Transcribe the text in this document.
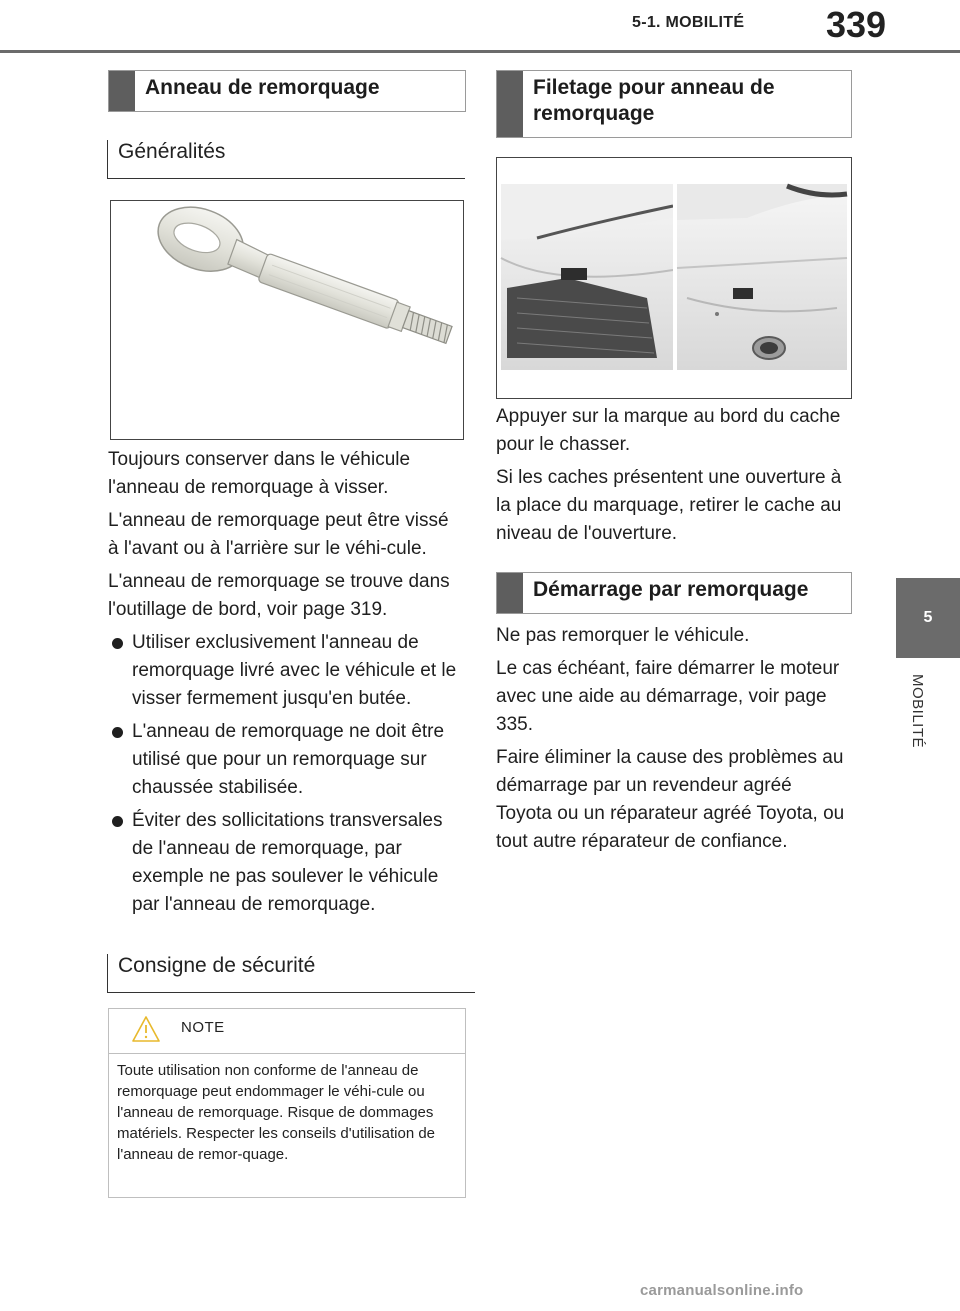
5-1. MOBILITÉ 339
5
MOBILITÉ
Anneau de remorquage
Généralités

Toujours conserver dans le véhicule l'anneau de remorquage à visser.

L'anneau de remorquage peut être vissé à l'avant ou à l'arrière sur le véhi-cule.

L'anneau de remorquage se trouve dans l'outillage de bord, voir page 319.

Utiliser exclusivement l'anneau de remorquage livré avec le véhicule et le visser fermement jusqu'en butée.
L'anneau de remorquage ne doit être utilisé que pour un remorquage sur chaussée stabilisée.
Éviter des sollicitations transversales de l'anneau de remorquage, par exemple ne pas soulever le véhicule par l'anneau de remorquage.
Consigne de sécurité
NOTE
Toute utilisation non conforme de l'anneau de remorquage peut endommager le véhi-cule ou l'anneau de remorquage. Risque de dommages matériels. Respecter les conseils d'utilisation de l'anneau de remor-quage.
Filetage pour anneau de remorquage

Appuyer sur la marque au bord du cache pour le chasser.

Si les caches présentent une ouverture à la place du marquage, retirer le cache au niveau de l'ouverture.

Démarrage par remorquage

Ne pas remorquer le véhicule.

Le cas échéant, faire démarrer le moteur avec une aide au démarrage, voir page 335.

Faire éliminer la cause des problèmes au démarrage par un revendeur agréé Toyota ou un réparateur agréé Toyota, ou tout autre réparateur de confiance.

carmanualsonline.info
